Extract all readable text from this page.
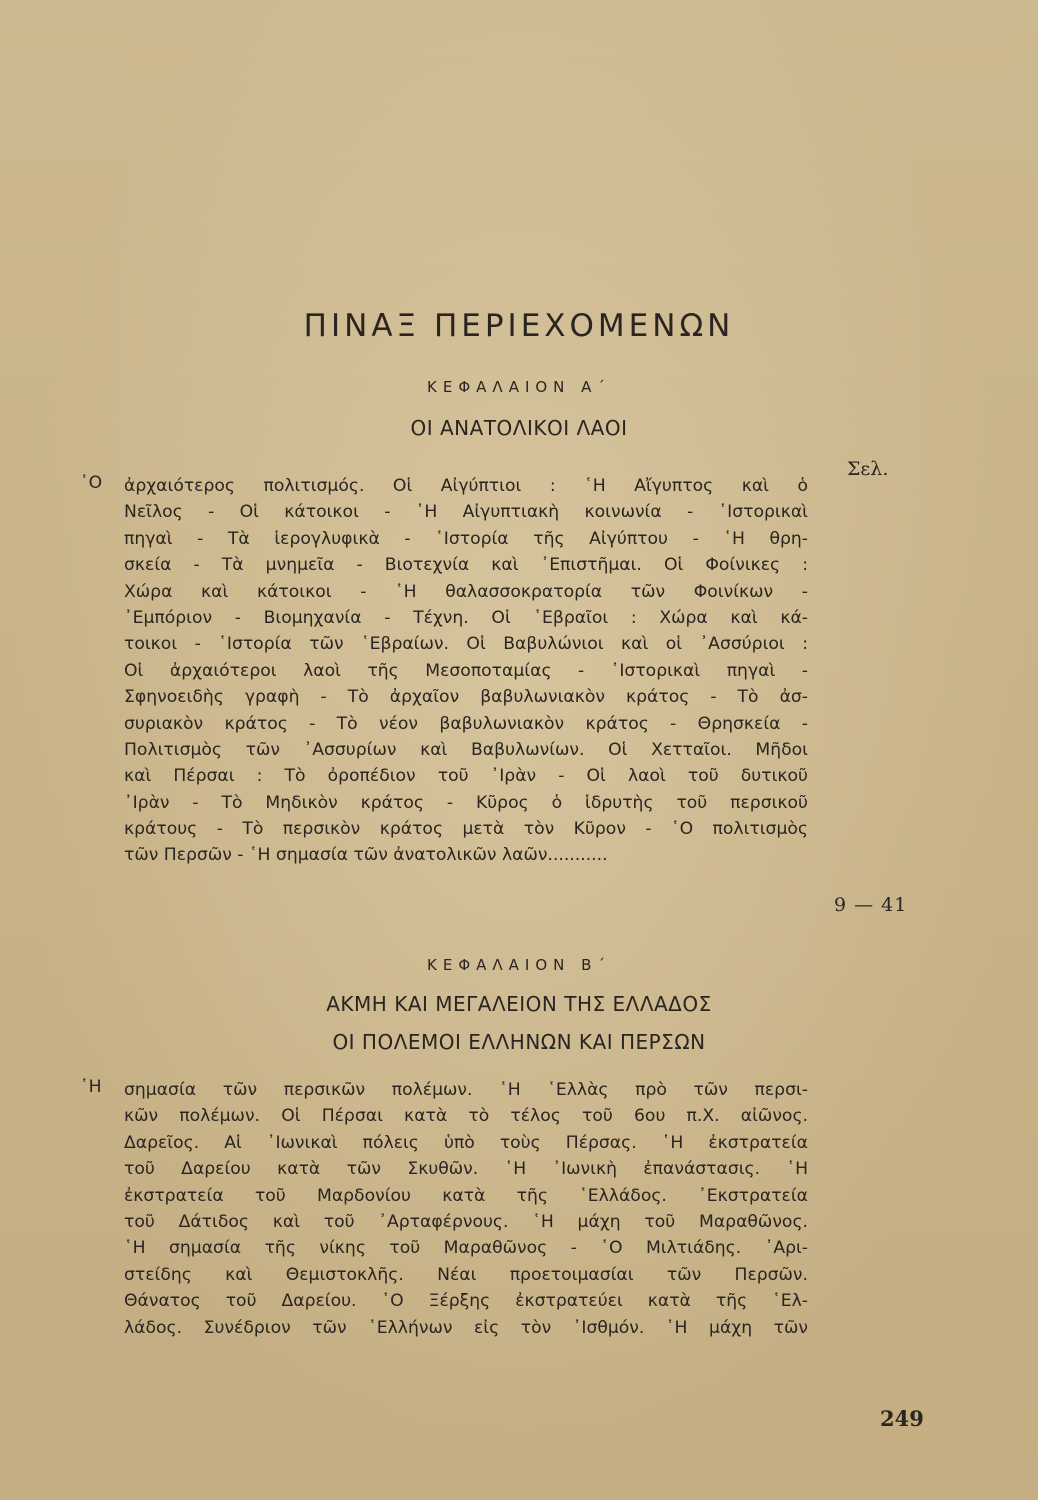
ΠΙΝΑΞ ΠΕΡΙΕΧΟΜΕΝΩΝ
ΚΕΦΑΛΑΙΟΝ Α΄
ΟΙ ΑΝΑΤΟΛΙΚΟΙ ΛΑΟΙ
Σελ.
῾Ο ἀρχαιότερος πολιτισμός. Οἱ Αἰγύπτιοι : ῾Η Αἴγυπτος καὶ ὁ
Νεῖλος - Οἱ κάτοικοι - ῾Η Αἰγυπτιακὴ κοινωνία - ῾Ιστορικαὶ
πηγαὶ - Τὰ ἱερογλυφικὰ - ῾Ιστορία τῆς Αἰγύπτου - ῾Η θρη-
σκεία - Τὰ μνημεῖα - Βιοτεχνία καὶ ᾽Επιστῆμαι. Οἱ Φοίνικες :
Χώρα καὶ κάτοικοι - ῾Η θαλασσοκρατορία τῶν Φοινίκων -
᾽Εμπόριον - Βιομηχανία - Τέχνη. Οἱ ῾Εβραῖοι : Χώρα καὶ κά-
τοικοι - ῾Ιστορία τῶν ῾Εβραίων. Οἱ Βαβυλώνιοι καὶ οἱ ᾽Ασσύριοι :
Οἱ ἀρχαιότεροι λαοὶ τῆς Μεσοποταμίας - ῾Ιστορικαὶ πηγαὶ -
Σφηνοειδὴς γραφὴ - Τὸ ἀρχαῖον βαβυλωνιακὸν κράτος - Τὸ ἀσ-
συριακὸν κράτος - Τὸ νέον βαβυλωνιακὸν κράτος - Θρησκεία -
Πολιτισμὸς τῶν ᾽Ασσυρίων καὶ Βαβυλωνίων. Οἱ Χετταῖοι. Μῆδοι
καὶ Πέρσαι : Τὸ ὀροπέδιον τοῦ ᾽Ιρὰν - Οἱ λαοὶ τοῦ δυτικοῦ
᾽Ιρὰν - Τὸ Μηδικὸν κράτος - Κῦρος ὁ ἱδρυτὴς τοῦ περσικοῦ
κράτους - Τὸ περσικὸν κράτος μετὰ τὸν Κῦρον - ῾Ο πολιτισμὸς
τῶν Περσῶν - ῾Η σημασία τῶν ἀνατολικῶν λαῶν...........
9 — 41
ΚΕΦΑΛΑΙΟΝ Β΄
ΑΚΜΗ ΚΑΙ ΜΕΓΑΛΕΙΟΝ ΤΗΣ ΕΛΛΑΔΟΣ
ΟΙ ΠΟΛΕΜΟΙ ΕΛΛΗΝΩΝ ΚΑΙ ΠΕΡΣΩΝ
῾Η σημασία τῶν περσικῶν πολέμων. ῾Η ῾Ελλὰς πρὸ τῶν περσι-
κῶν πολέμων. Οἱ Πέρσαι κατὰ τὸ τέλος τοῦ 6ου π.Χ. αἰῶνος.
Δαρεῖος. Αἱ ᾽Ιωνικαὶ πόλεις ὑπὸ τοὺς Πέρσας. ῾Η ἐκστρατεία
τοῦ Δαρείου κατὰ τῶν Σκυθῶν. ῾Η ᾽Ιωνικὴ ἐπανάστασις. ῾Η
ἐκστρατεία τοῦ Μαρδονίου κατὰ τῆς ῾Ελλάδος. ᾽Εκστρατεία
τοῦ Δάτιδος καὶ τοῦ ᾽Αρταφέρνους. ῾Η μάχη τοῦ Μαραθῶνος.
῾Η σημασία τῆς νίκης τοῦ Μαραθῶνος - ῾Ο Μιλτιάδης. ᾽Αρι-
στείδης καὶ Θεμιστοκλῆς. Νέαι προετοιμασίαι τῶν Περσῶν.
Θάνατος τοῦ Δαρείου. ῾Ο Ξέρξης ἐκστρατεύει κατὰ τῆς ῾Ελ-
λάδος. Συνέδριον τῶν ῾Ελλήνων εἰς τὸν ᾽Ισθμόν. ῾Η μάχη τῶν
249
